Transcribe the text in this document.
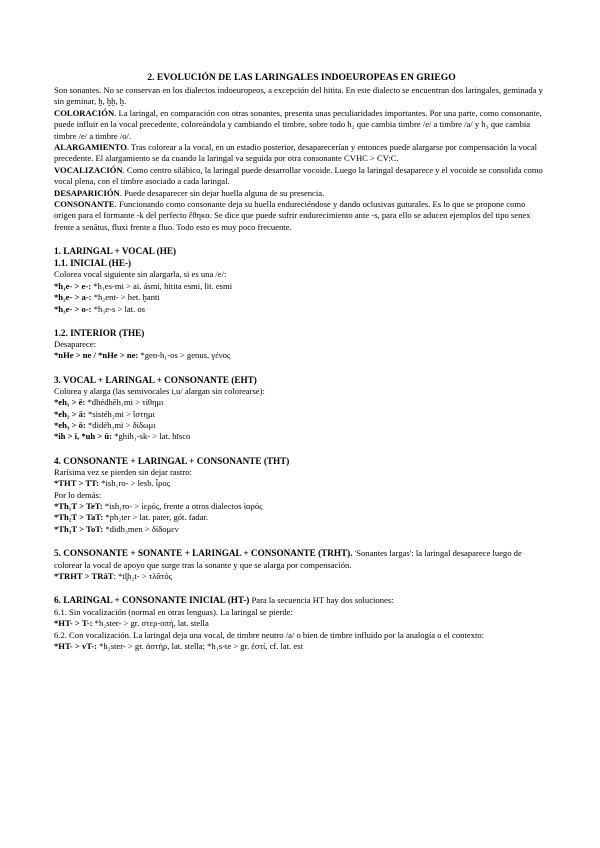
2. EVOLUCIÓN DE LAS LARINGALES INDOEUROPEAS EN GRIEGO

Son sonantes. No se conservan en los dialectos indoeuropeos, a excepción del hitita. En este dialecto se encuentran dos laringales, geminada y sin geminar, ḫ, ḫḫ, ḫ.

COLORACIÓN. La laringal, en comparación con otras sonantes, presenta unas peculiaridades importantes. Por una parte, como consonante, puede influir en la vocal precedente, coloreándola y cambiando el timbre, sobre todo h₂ que cambia timbre /e/ a timbre /a/ y h₃ que cambia timbre /e/ a timbre /o/.

ALARGAMIENTO. Tras colorear a la vocal, en un estadio posterior, desaparecerían y entonces puede alargarse por compensación la vocal precedente. El alargamiento se da cuando la laringal va seguida por otra consonante CVHC > CV:C.

VOCALIZACIÓN. Como centro silábico, la laringal puede desarrollar vocoide. Luego la laringal desaparece y el vocoide se consolida como vocal plena, con el timbre asociado a cada laringal.

DESAPARICIÓN. Puede desaparecer sin dejar huella alguna de su presencia.

CONSONANTE. Funcionando como consonante deja su huella endureciéndose y dando oclusivas guturales. Es lo que se propone como origen para el formante -k del perfecto ἔθηκα. Se dice que puede sufrir endurecimiento ante -s, para ello se aducen ejemplos del tipo senex frente a senātus, fluxi frente a fluo. Todo esto es muy poco frecuente.

1. LARINGAL + VOCAL (HE)

1.1. INICIAL (HE-)

Colorea vocal siguiente sin alargarla, si es una /e/:

*h₁e- > e-: *h₁es-mi > ai. ásmi, hitita esmi, lit. esmi

*h₂e- > a-: *h₂ent- > het. ḫanti

*h₃e- > o-: *h₃e-s > lat. os

1.2. INTERIOR (THE)

Desaparece:

*nHe > ne / *nHe > ne: *gen-h₁-os > genus, γένος

3. VOCAL + LARINGAL + CONSONANTE (EHT)

Colorea y alarga (las semivocales i,u/ alargan sin colorearse):

*eh₁ > ē: *dhédhēh₁mi > τίθημι

*eh₂ > ā: *sistéh₂mi > ἵστημι

*eh₃ > ō: *didéh₃mi > δίδωμι

*ih > ī, *uh > ū: *ghih₁-sk- > lat. hīsco

4. CONSONANTE + LARINGAL + CONSONANTE (THT)

Rarísima vez se pierden sin dejar rastro:

*THT > TT: *ish₁ro- > lesb. ἶρος

Por lo demás:

*Th₁T > TeT: *ish₁ro- > ἱερός, frente a otros dialectos ἱαρός

*Th₂T > TaT: *ph₂ter > lat. pater, gót. fadar.

*Th₃T > ToT: *didh₃men > δίδομεν

5. CONSONANTE + SONANTE + LARINGAL + CONSONANTE (TRHT). 'Sonantes largas': la laringal desaparece luego de colorear la vocal de apoyo que surge tras la sonante y que se alarga por compensación.

*TRHT > TRāT: *tl̥h₂t- > τλᾱτός

6. LARINGAL + CONSONANTE INICIAL (HT-) Para la secuencia HT hay dos soluciones:

6.1. Sin vocalización (normal en otras lenguas). La laringal se pierde:

*HT- > T-: *h₂ster- > gr. στερ-οπή, lat. stella

6.2. Con vocalización. La laringal deja una vocal, de timbre neutro /a/ o bien de timbre influido por la analogía o el contexto:

*HT- > vT-: *h₂ster- > gr. ἀστήρ, lat. stella; *h₁s-te > gr. ἐστί, cf. lat. est
